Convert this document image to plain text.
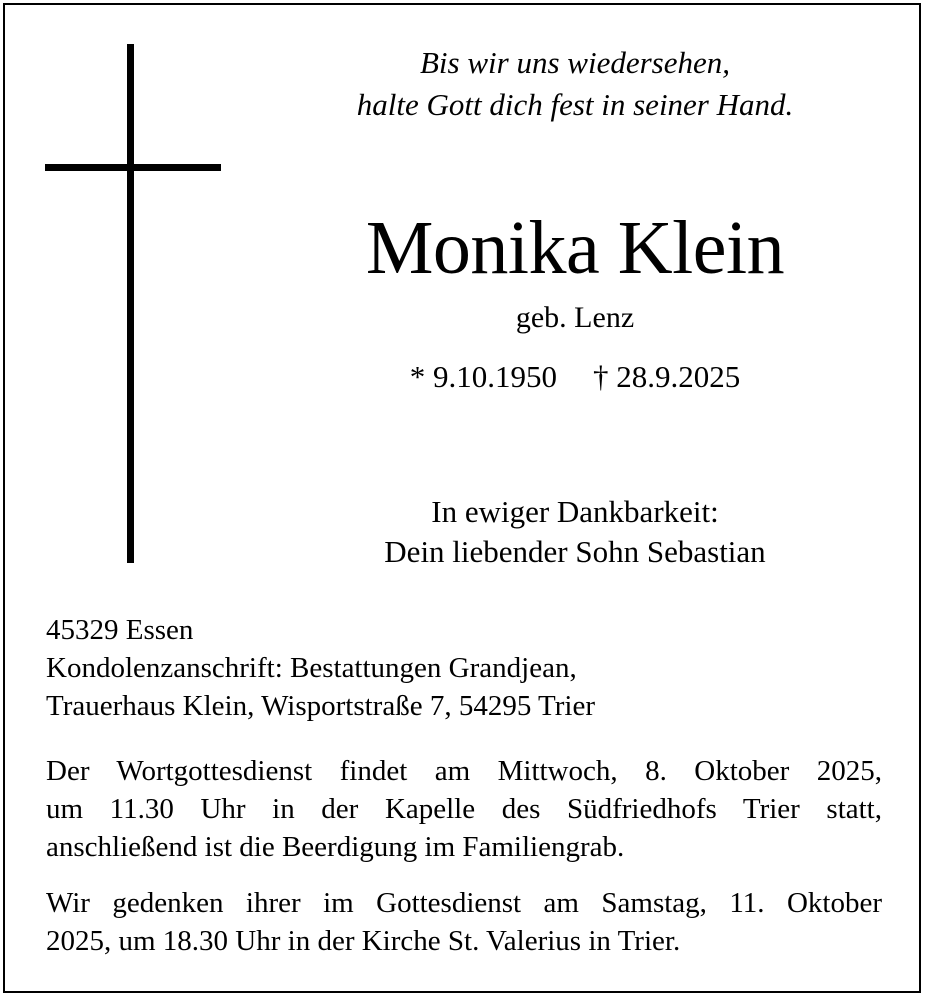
Bis wir uns wiedersehen,
halte Gott dich fest in seiner Hand.
Monika Klein
geb. Lenz
* 9.10.1950 † 28.9.2025
In ewiger Dankbarkeit:
Dein liebender Sohn Sebastian
45329 Essen
Kondolenzanschrift: Bestattungen Grandjean,
Trauerhaus Klein, Wisportstraße 7, 54295 Trier
Der Wortgottesdienst findet am Mittwoch, 8. Oktober 2025,
um 11.30 Uhr in der Kapelle des Südfriedhofs Trier statt,
anschließend ist die Beerdigung im Familiengrab.
Wir gedenken ihrer im Gottesdienst am Samstag, 11. Oktober
2025, um 18.30 Uhr in der Kirche St. Valerius in Trier.
